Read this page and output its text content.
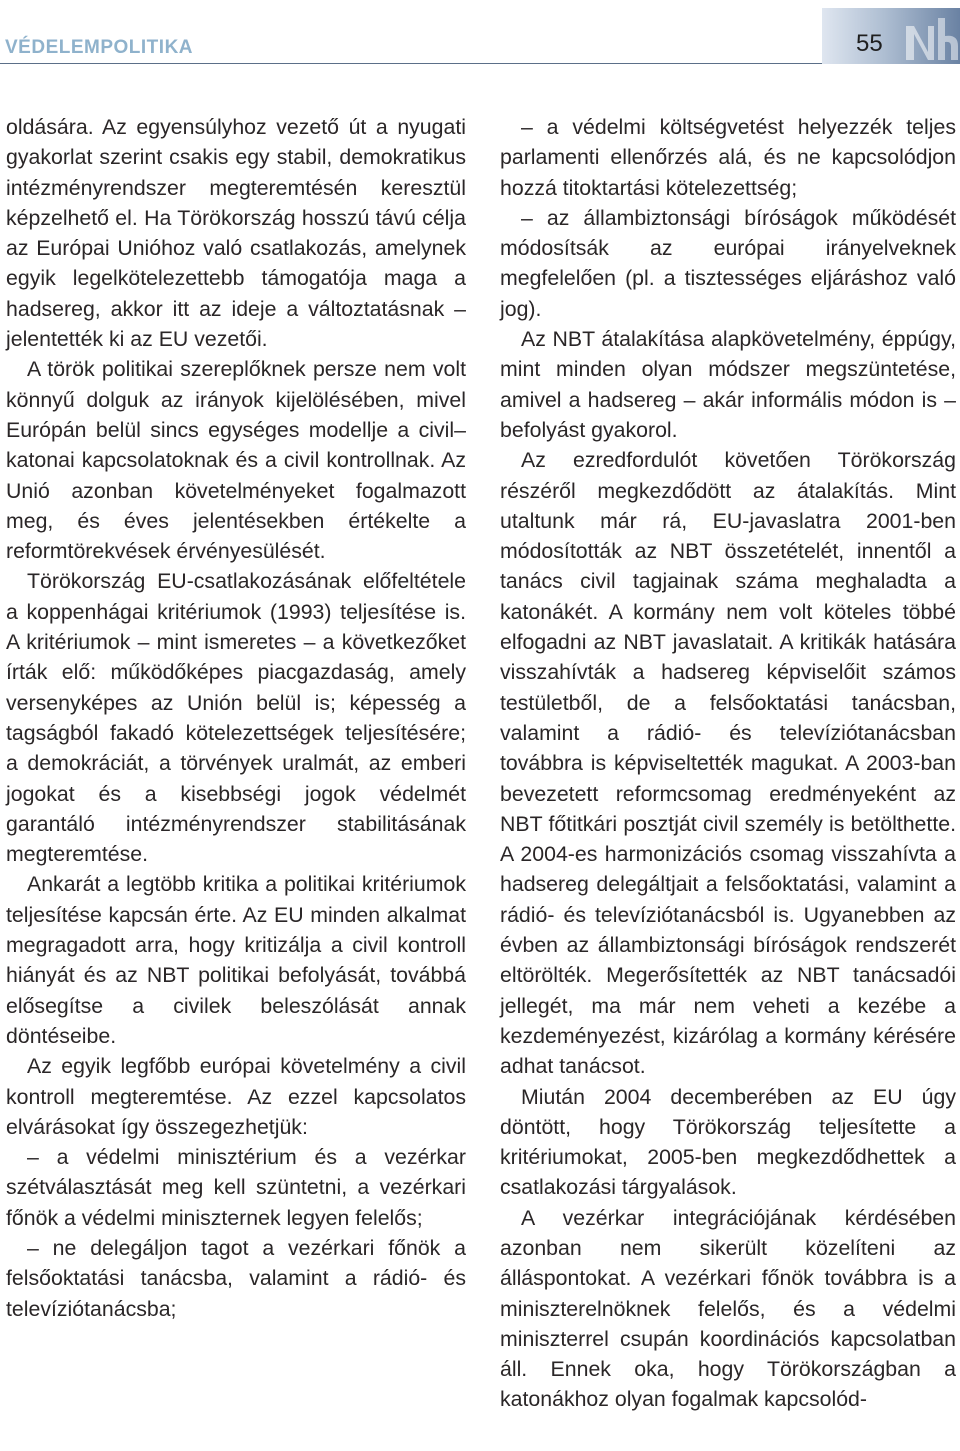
VÉDELEMPOLITIKA	55

oldására. Az egyensúlyhoz vezető út a nyugati gyakorlat szerint csakis egy stabil, demokratikus intézményrendszer megteremtésén keresztül képzelhető el. Ha Törökország hosszú távú célja az Európai Unióhoz való csatlakozás, amelynek egyik legelkötelezettebb támogatója maga a hadsereg, akkor itt az ideje a változtatásnak – jelentették ki az EU vezetői.

A török politikai szereplőknek persze nem volt könnyű dolguk az irányok kijelölésében, mivel Európán belül sincs egységes modellje a civil–katonai kapcsolatoknak és a civil kontrollnak. Az Unió azonban követelményeket fogalmazott meg, és éves jelentésekben értékelte a reformtörekvések érvényesülését.

Törökország EU-csatlakozásának előfeltétele a koppenhágai kritériumok (1993) teljesítése is. A kritériumok – mint ismeretes – a következőket írták elő: működőképes piacgazdaság, amely versenyképes az Unión belül is; képesség a tagságból fakadó kötelezettségek teljesítésére; a demokráciát, a törvények uralmát, az emberi jogokat és a kisebbségi jogok védelmét garantáló intézményrendszer stabilitásának megteremtése.

Ankarát a legtöbb kritika a politikai kritériumok teljesítése kapcsán érte. Az EU minden alkalmat megragadott arra, hogy kritizálja a civil kontroll hiányát és az NBT politikai befolyását, továbbá elősegítse a civilek beleszólását annak döntéseibe.

Az egyik legfőbb európai követelmény a civil kontroll megteremtése. Az ezzel kapcsolatos elvárásokat így összegezhetjük:

– a védelmi minisztérium és a vezérkar szétválasztását meg kell szüntetni, a vezérkari főnök a védelmi miniszternek legyen felelős;

– ne delegáljon tagot a vezérkari főnök a felsőoktatási tanácsba, valamint a rádió- és televíziótanácsba;

– a védelmi költségvetést helyezzék teljes parlamenti ellenőrzés alá, és ne kapcsolódjon hozzá titoktartási kötelezettség;

– az állambiztonsági bíróságok működését módosítsák az európai irányelveknek megfelelően (pl. a tisztességes eljáráshoz való jog).

Az NBT átalakítása alapkövetelmény, éppúgy, mint minden olyan módszer megszüntetése, amivel a hadsereg – akár informális módon is – befolyást gyakorol.

Az ezredfordulót követően Törökország részéről megkezdődött az átalakítás. Mint utaltunk már rá, EU-javaslatra 2001-ben módosították az NBT összetételét, innentől a tanács civil tagjainak száma meghaladta a katonákét. A kormány nem volt köteles többé elfogadni az NBT javaslatait. A kritikák hatására visszahívták a hadsereg képviselőit számos testületből, de a felsőoktatási tanácsban, valamint a rádió- és televíziótanácsban továbbra is képviseltették magukat. A 2003-ban bevezetett reformcsomag eredményeként az NBT főtitkári posztját civil személy is betölthette. A 2004-es harmonizációs csomag visszahívta a hadsereg delegáltjait a felsőoktatási, valamint a rádió- és televíziótanácsból is. Ugyanebben az évben az állambiztonsági bíróságok rendszerét eltörölték. Megerősítették az NBT tanácsadói jellegét, ma már nem veheti a kezébe a kezdeményezést, kizárólag a kormány kérésére adhat tanácsot.

Miután 2004 decemberében az EU úgy döntött, hogy Törökország teljesítette a kritériumokat, 2005-ben megkezdődhettek a csatlakozási tárgyalások.

A vezérkar integrációjának kérdésében azonban nem sikerült közelíteni az álláspontokat. A vezérkari főnök továbbra is a miniszterelnöknek felelős, és a védelmi miniszterrel csupán koordinációs kapcsolatban áll. Ennek oka, hogy Törökországban a katonákhoz olyan fogalmak kapcsolód-
